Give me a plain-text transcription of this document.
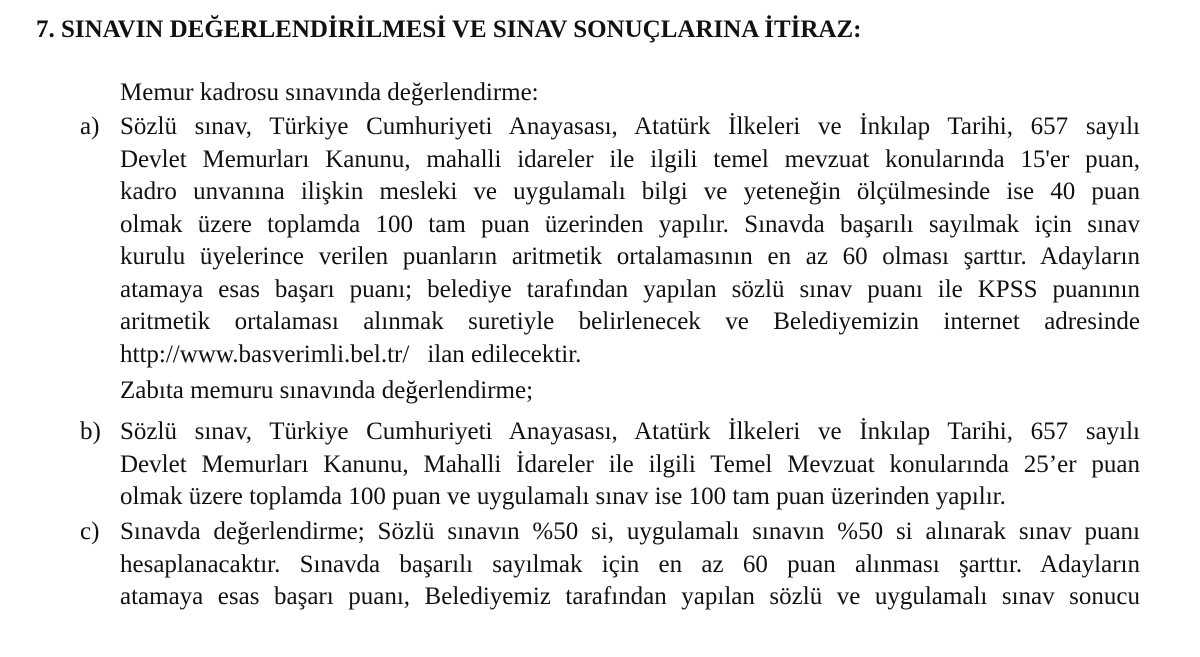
7. SINAVIN DEĞERLENDİRİLMESİ VE SINAV SONUÇLARINA İTİRAZ:

Memur kadrosu sınavında değerlendirme:

a) Sözlü sınav, Türkiye Cumhuriyeti Anayasası, Atatürk İlkeleri ve İnkılap Tarihi, 657 sayılı
Devlet Memurları Kanunu, mahalli idareler ile ilgili temel mevzuat konularında 15'er puan,
kadro unvanına ilişkin mesleki ve uygulamalı bilgi ve yeteneğin ölçülmesinde ise 40 puan
olmak üzere toplamda 100 tam puan üzerinden yapılır. Sınavda başarılı sayılmak için sınav
kurulu üyelerince verilen puanların aritmetik ortalamasının en az 60 olması şarttır. Adayların
atamaya esas başarı puanı; belediye tarafından yapılan sözlü sınav puanı ile KPSS puanının
aritmetik ortalaması alınmak suretiyle belirlenecek ve Belediyemizin internet adresinde
http://www.basverimli.bel.tr/ ilan edilecektir.

Zabıta memuru sınavında değerlendirme;

b) Sözlü sınav, Türkiye Cumhuriyeti Anayasası, Atatürk İlkeleri ve İnkılap Tarihi, 657 sayılı
Devlet Memurları Kanunu, Mahalli İdareler ile ilgili Temel Mevzuat konularında 25’er puan
olmak üzere toplamda 100 puan ve uygulamalı sınav ise 100 tam puan üzerinden yapılır.
c) Sınavda değerlendirme; Sözlü sınavın %50 si, uygulamalı sınavın %50 si alınarak sınav puanı
hesaplanacaktır. Sınavda başarılı sayılmak için en az 60 puan alınması şarttır. Adayların
atamaya esas başarı puanı, Belediyemiz tarafından yapılan sözlü ve uygulamalı sınav sonucu
